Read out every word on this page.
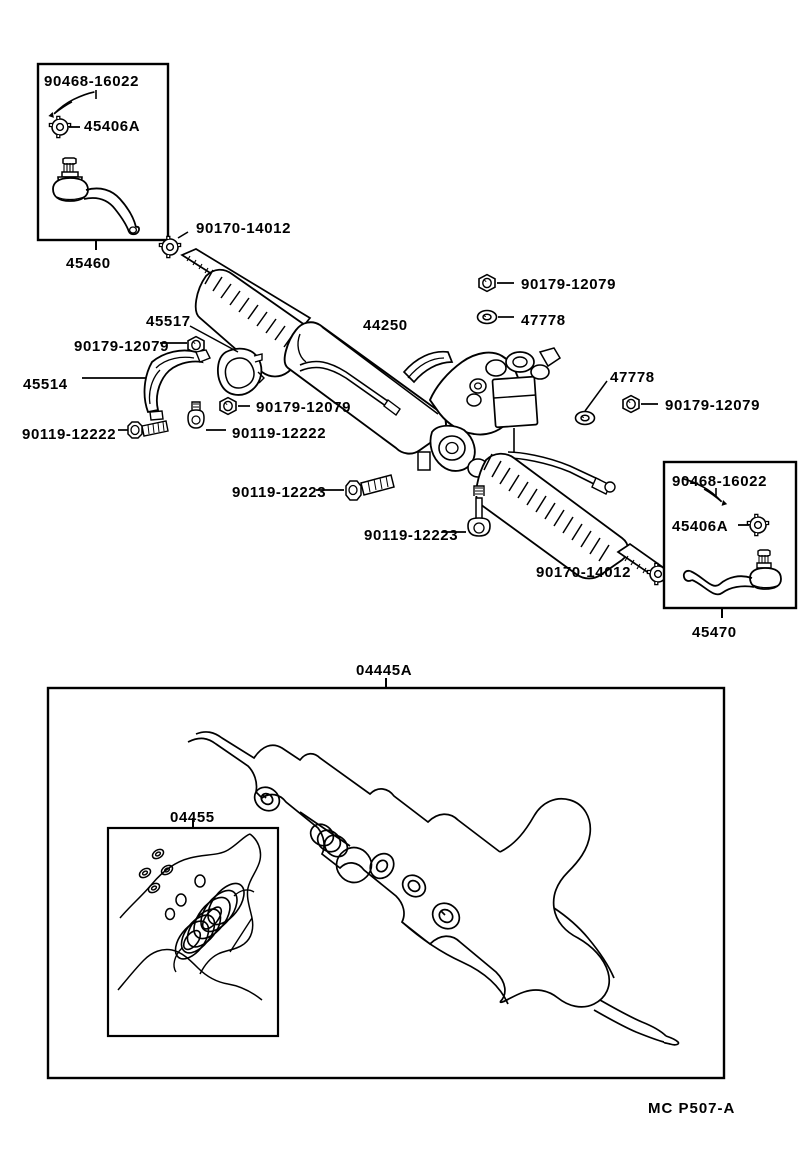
90468-16022
45406A
45460
90170-14012
44250
45517
90179-12079
45514
90119-12222
90179-12079
90119-12222
90119-12223
90119-12223
90179-12079
47778
47778
90179-12079
90170-14012
90468-16022
45406A
45470
04445A
04455
MC P507-A
